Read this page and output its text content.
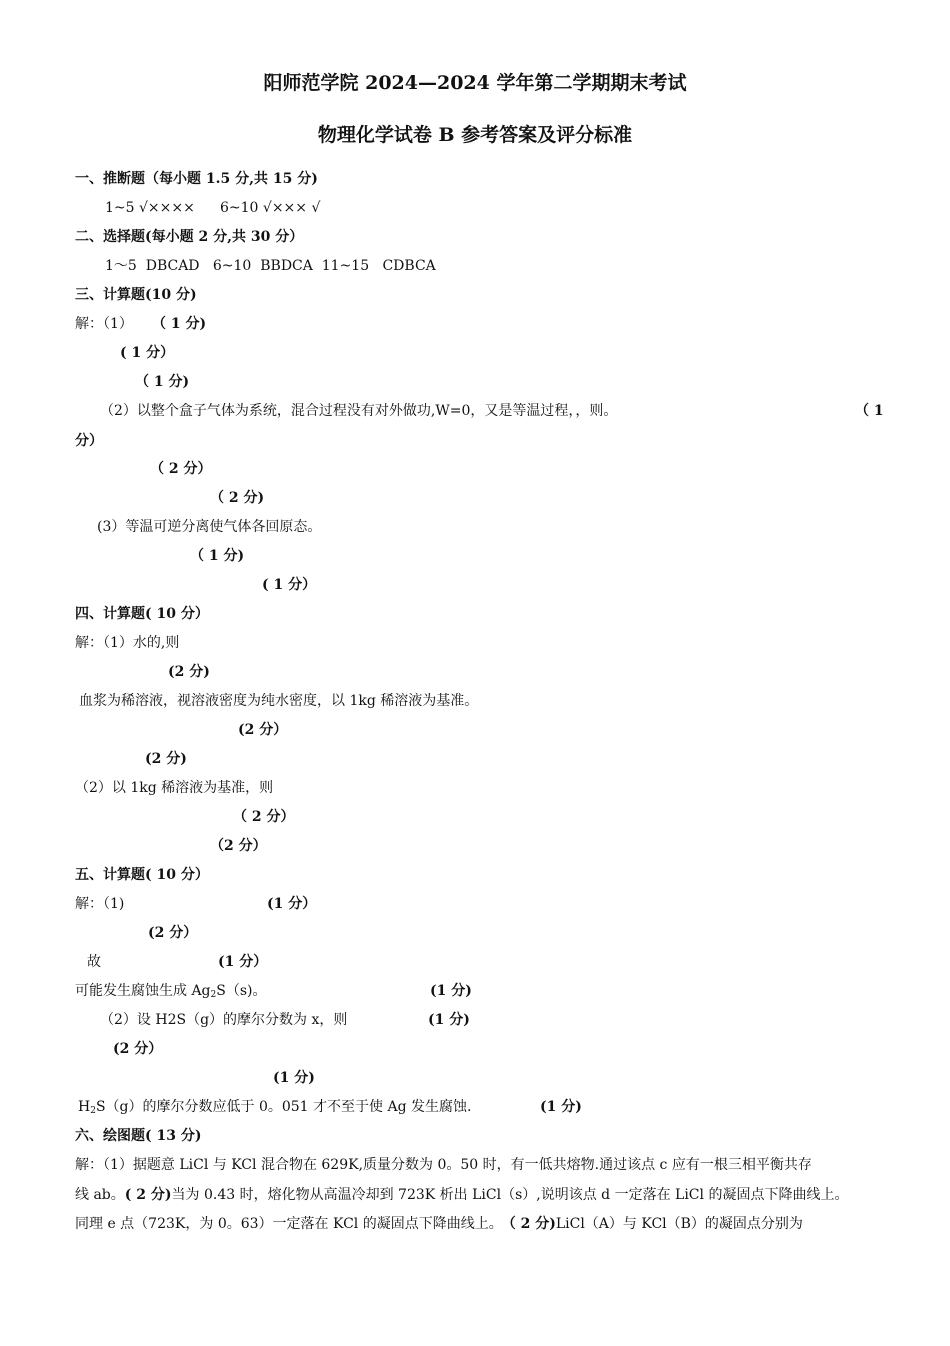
阳师范学院 2024—2024 学年第二学期期末考试
物理化学试卷 B 参考答案及评分标准
一、推断题（每小题 1.5 分,共 15 分)
1~5 √×××× 6~10 √××× √
二、选择题(每小题 2 分,共 30 分）
1～5  DBCAD   6~10  BBDCA  11~15   CDBCA
三、计算题(10 分)
解：（1） （ 1 分)
( 1 分）
（ 1 分)
（2）以整个盒子气体为系统，混合过程没有对外做功,W=0，又是等温过程，，则。	（ 1
分）
（ 2 分）
（ 2 分)
(3）等温可逆分离使气体各回原态。
（ 1 分)
( 1 分）
四、计算题( 10 分）
解：（1）水的,则
(2 分)
血浆为稀溶液，视溶液密度为纯水密度，以 1kg 稀溶液为基准。
(2 分）
(2 分)
（2）以 1kg 稀溶液为基准，则
（ 2 分）
（2 分）
五、计算题( 10 分）
解：（1)	(1 分）
(2 分）
故	(1 分）
可能发生腐蚀生成 $Ag_2S(s)$。	(1 分)
（2）设 H2S（g）的摩尔分数为 x，则	(1 分)
(2 分）
(1 分)
$H_2S(g)$的摩尔分数应低于 0。051 才不至于使 Ag 发生腐蚀.	(1 分)
六、绘图题( 13 分)
解：（1）据题意 LiCl 与 KCl 混合物在 629K,质量分数为 0。50 时，有一低共熔物.通过该点 c 应有一根三相平衡共存
线 ab。( 2 分)当为 0.43 时，熔化物从高温冷却到 723K 析出 LiCl（s）,说明该点 d 一定落在 LiCl 的凝固点下降曲线上。
同理 e 点（723K，为 0。63）一定落在 KCl 的凝固点下降曲线上。 （ 2 分)LiCl（A）与 KCl（B）的凝固点分别为
